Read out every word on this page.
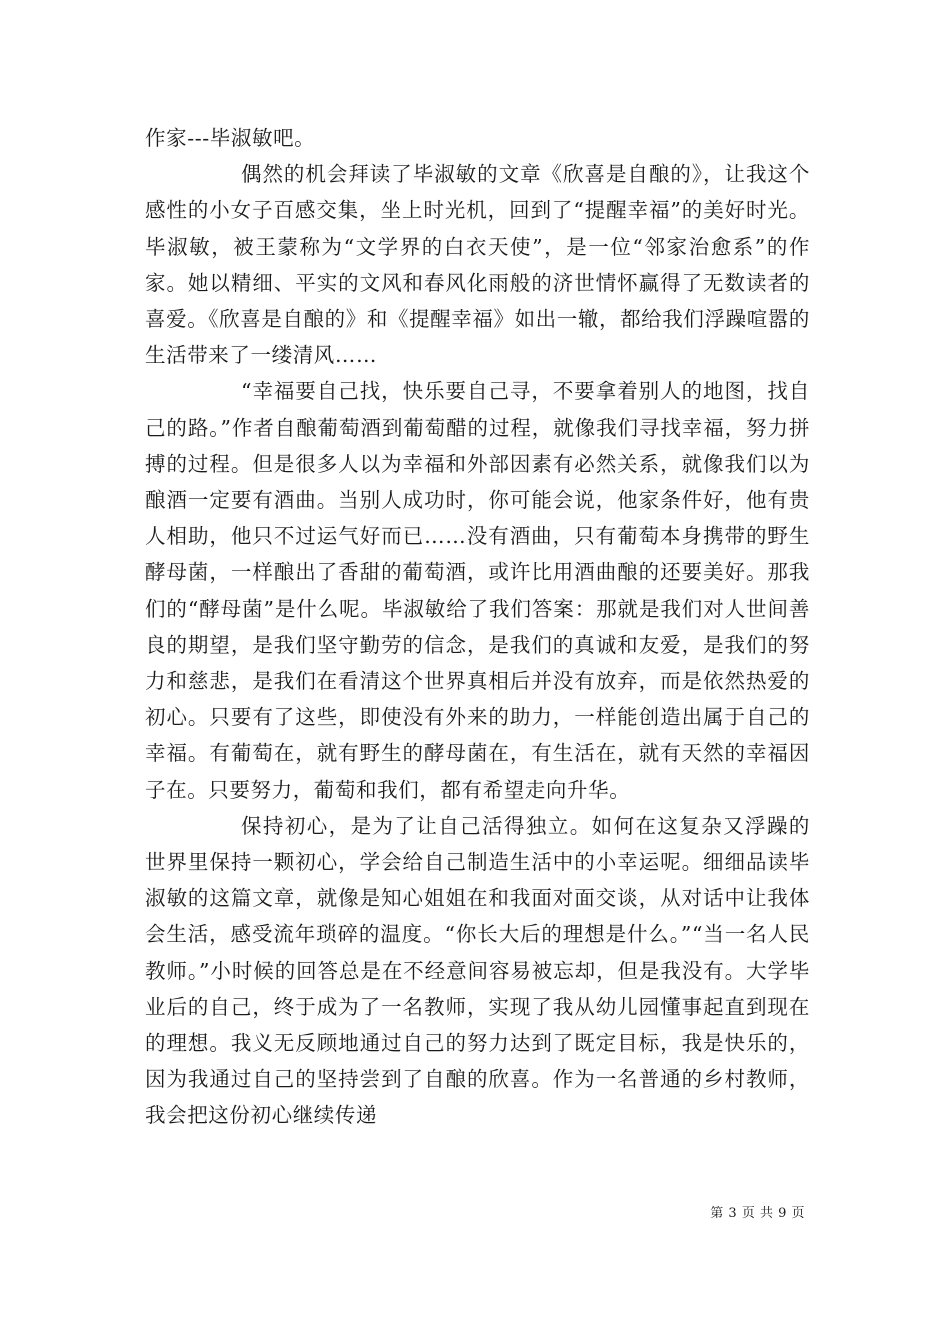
作家---毕淑敏吧。

偶然的机会拜读了毕淑敏的文章《欣喜是自酿的》，让我这个感性的小女子百感交集，坐上时光机，回到了“提醒幸福”的美好时光。毕淑敏，被王蒙称为“文学界的白衣天使”，是一位“邻家治愈系”的作家。她以精细、平实的文风和春风化雨般的济世情怀赢得了无数读者的喜爱。《欣喜是自酿的》和《提醒幸福》如出一辙，都给我们浮躁喧嚣的生活带来了一缕清风……

“幸福要自己找，快乐要自己寻，不要拿着别人的地图，找自己的路。”作者自酿葡萄酒到葡萄醋的过程，就像我们寻找幸福，努力拼搏的过程。但是很多人以为幸福和外部因素有必然关系，就像我们以为酿酒一定要有酒曲。当别人成功时，你可能会说，他家条件好，他有贵人相助，他只不过运气好而已……没有酒曲，只有葡萄本身携带的野生酵母菌，一样酿出了香甜的葡萄酒，或许比用酒曲酿的还要美好。那我们的“酵母菌”是什么呢。毕淑敏给了我们答案：那就是我们对人世间善良的期望，是我们坚守勤劳的信念，是我们的真诚和友爱，是我们的努力和慈悲，是我们在看清这个世界真相后并没有放弃，而是依然热爱的初心。只要有了这些，即使没有外来的助力，一样能创造出属于自己的幸福。有葡萄在，就有野生的酵母菌在，有生活在，就有天然的幸福因子在。只要努力，葡萄和我们，都有希望走向升华。

保持初心，是为了让自己活得独立。如何在这复杂又浮躁的世界里保持一颗初心，学会给自己制造生活中的小幸运呢。细细品读毕淑敏的这篇文章，就像是知心姐姐在和我面对面交谈，从对话中让我体会生活，感受流年琐碎的温度。“你长大后的理想是什么。”“当一名人民教师。”小时候的回答总是在不经意间容易被忘却，但是我没有。大学毕业后的自己，终于成为了一名教师，实现了我从幼儿园懂事起直到现在的理想。我义无反顾地通过自己的努力达到了既定目标，我是快乐的，因为我通过自己的坚持尝到了自酿的欣喜。作为一名普通的乡村教师，我会把这份初心继续传递

第 3 页 共 9 页
